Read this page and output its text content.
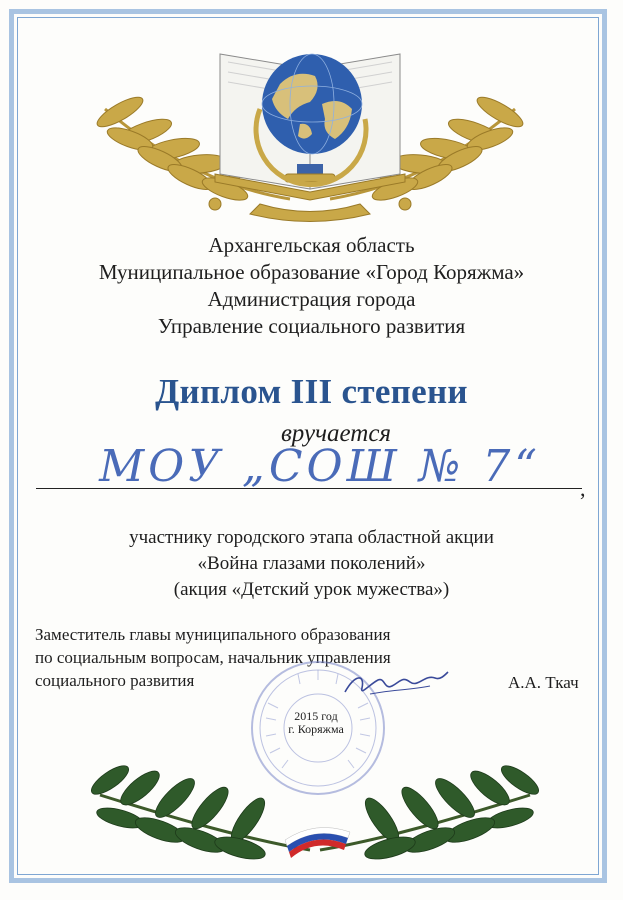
Архангельская область
Муниципальное образование «Город Коряжма»
Администрация города
Управление социального развития
Диплом III степени
вручается
МОУ „СОШ № 7“	,
участнику городского этапа областной акции
«Война глазами поколений»
(акция «Детский урок мужества»)
Заместитель главы муниципального образования
по социальным вопросам, начальник управления
социального развития	А.А. Ткач
2015 год
г. Коряжма
